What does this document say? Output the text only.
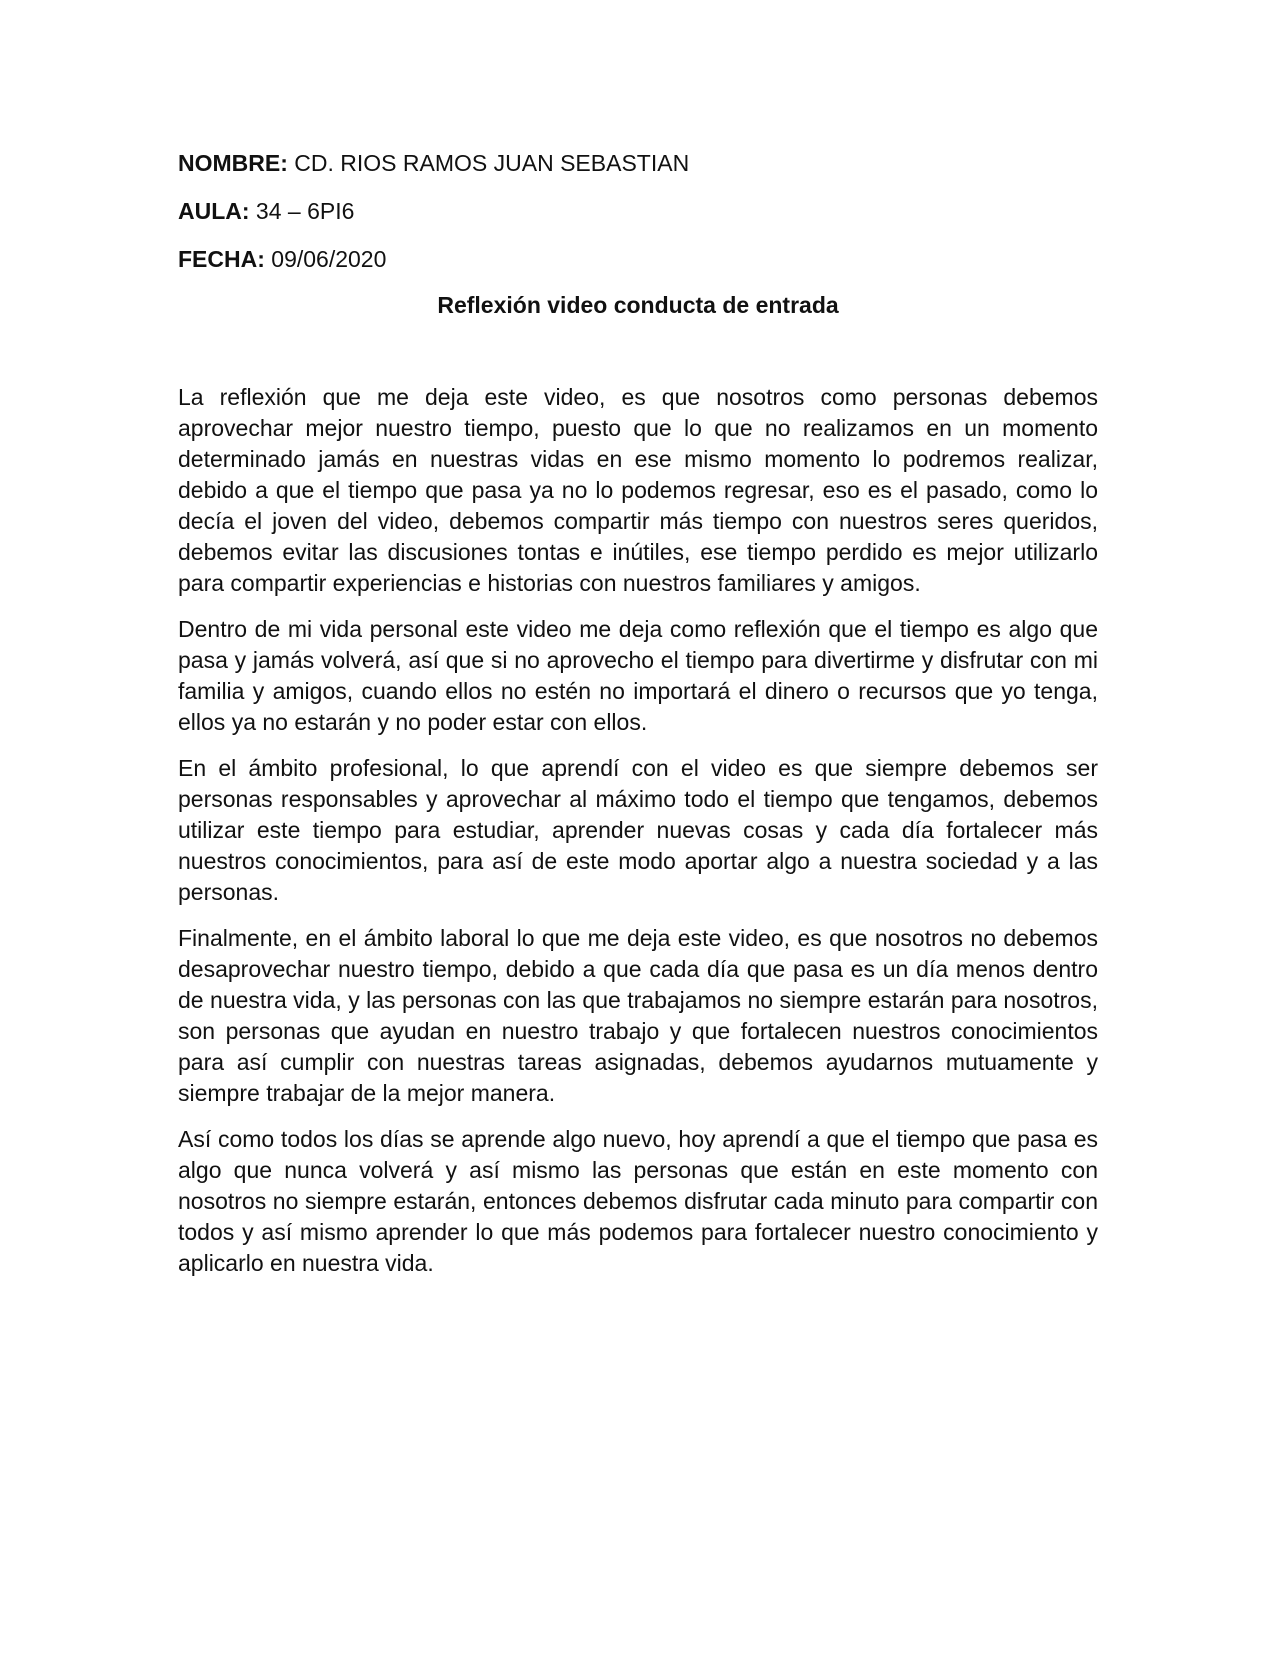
NOMBRE: CD. RIOS RAMOS JUAN SEBASTIAN

AULA: 34 – 6PI6

FECHA: 09/06/2020

Reflexión video conducta de entrada

La reflexión que me deja este video, es que nosotros como personas debemos aprovechar mejor nuestro tiempo, puesto que lo que no realizamos en un momento determinado jamás en nuestras vidas en ese mismo momento lo podremos realizar, debido a que el tiempo que pasa ya no lo podemos regresar, eso es el pasado, como lo decía el joven del video, debemos compartir más tiempo con nuestros seres queridos, debemos evitar las discusiones tontas e inútiles, ese tiempo perdido es mejor utilizarlo para compartir experiencias e historias con nuestros familiares y amigos.

Dentro de mi vida personal este video me deja como reflexión que el tiempo es algo que pasa y jamás volverá, así que si no aprovecho el tiempo para divertirme y disfrutar con mi familia y amigos, cuando ellos no estén no importará el dinero o recursos que yo tenga, ellos ya no estarán y no poder estar con ellos.

En el ámbito profesional, lo que aprendí con el video es que siempre debemos ser personas responsables y aprovechar al máximo todo el tiempo que tengamos, debemos utilizar este tiempo para estudiar, aprender nuevas cosas y cada día fortalecer más nuestros conocimientos, para así de este modo aportar algo a nuestra sociedad y a las personas.

Finalmente, en el ámbito laboral lo que me deja este video, es que nosotros no debemos desaprovechar nuestro tiempo, debido a que cada día que pasa es un día menos dentro de nuestra vida, y las personas con las que trabajamos no siempre estarán para nosotros, son personas que ayudan en nuestro trabajo y que fortalecen nuestros conocimientos para así cumplir con nuestras tareas asignadas, debemos ayudarnos mutuamente y siempre trabajar de la mejor manera.

Así como todos los días se aprende algo nuevo, hoy aprendí a que el tiempo que pasa es algo que nunca volverá y así mismo las personas que están en este momento con nosotros no siempre estarán, entonces debemos disfrutar cada minuto para compartir con todos y así mismo aprender lo que más podemos para fortalecer nuestro conocimiento y aplicarlo en nuestra vida.
